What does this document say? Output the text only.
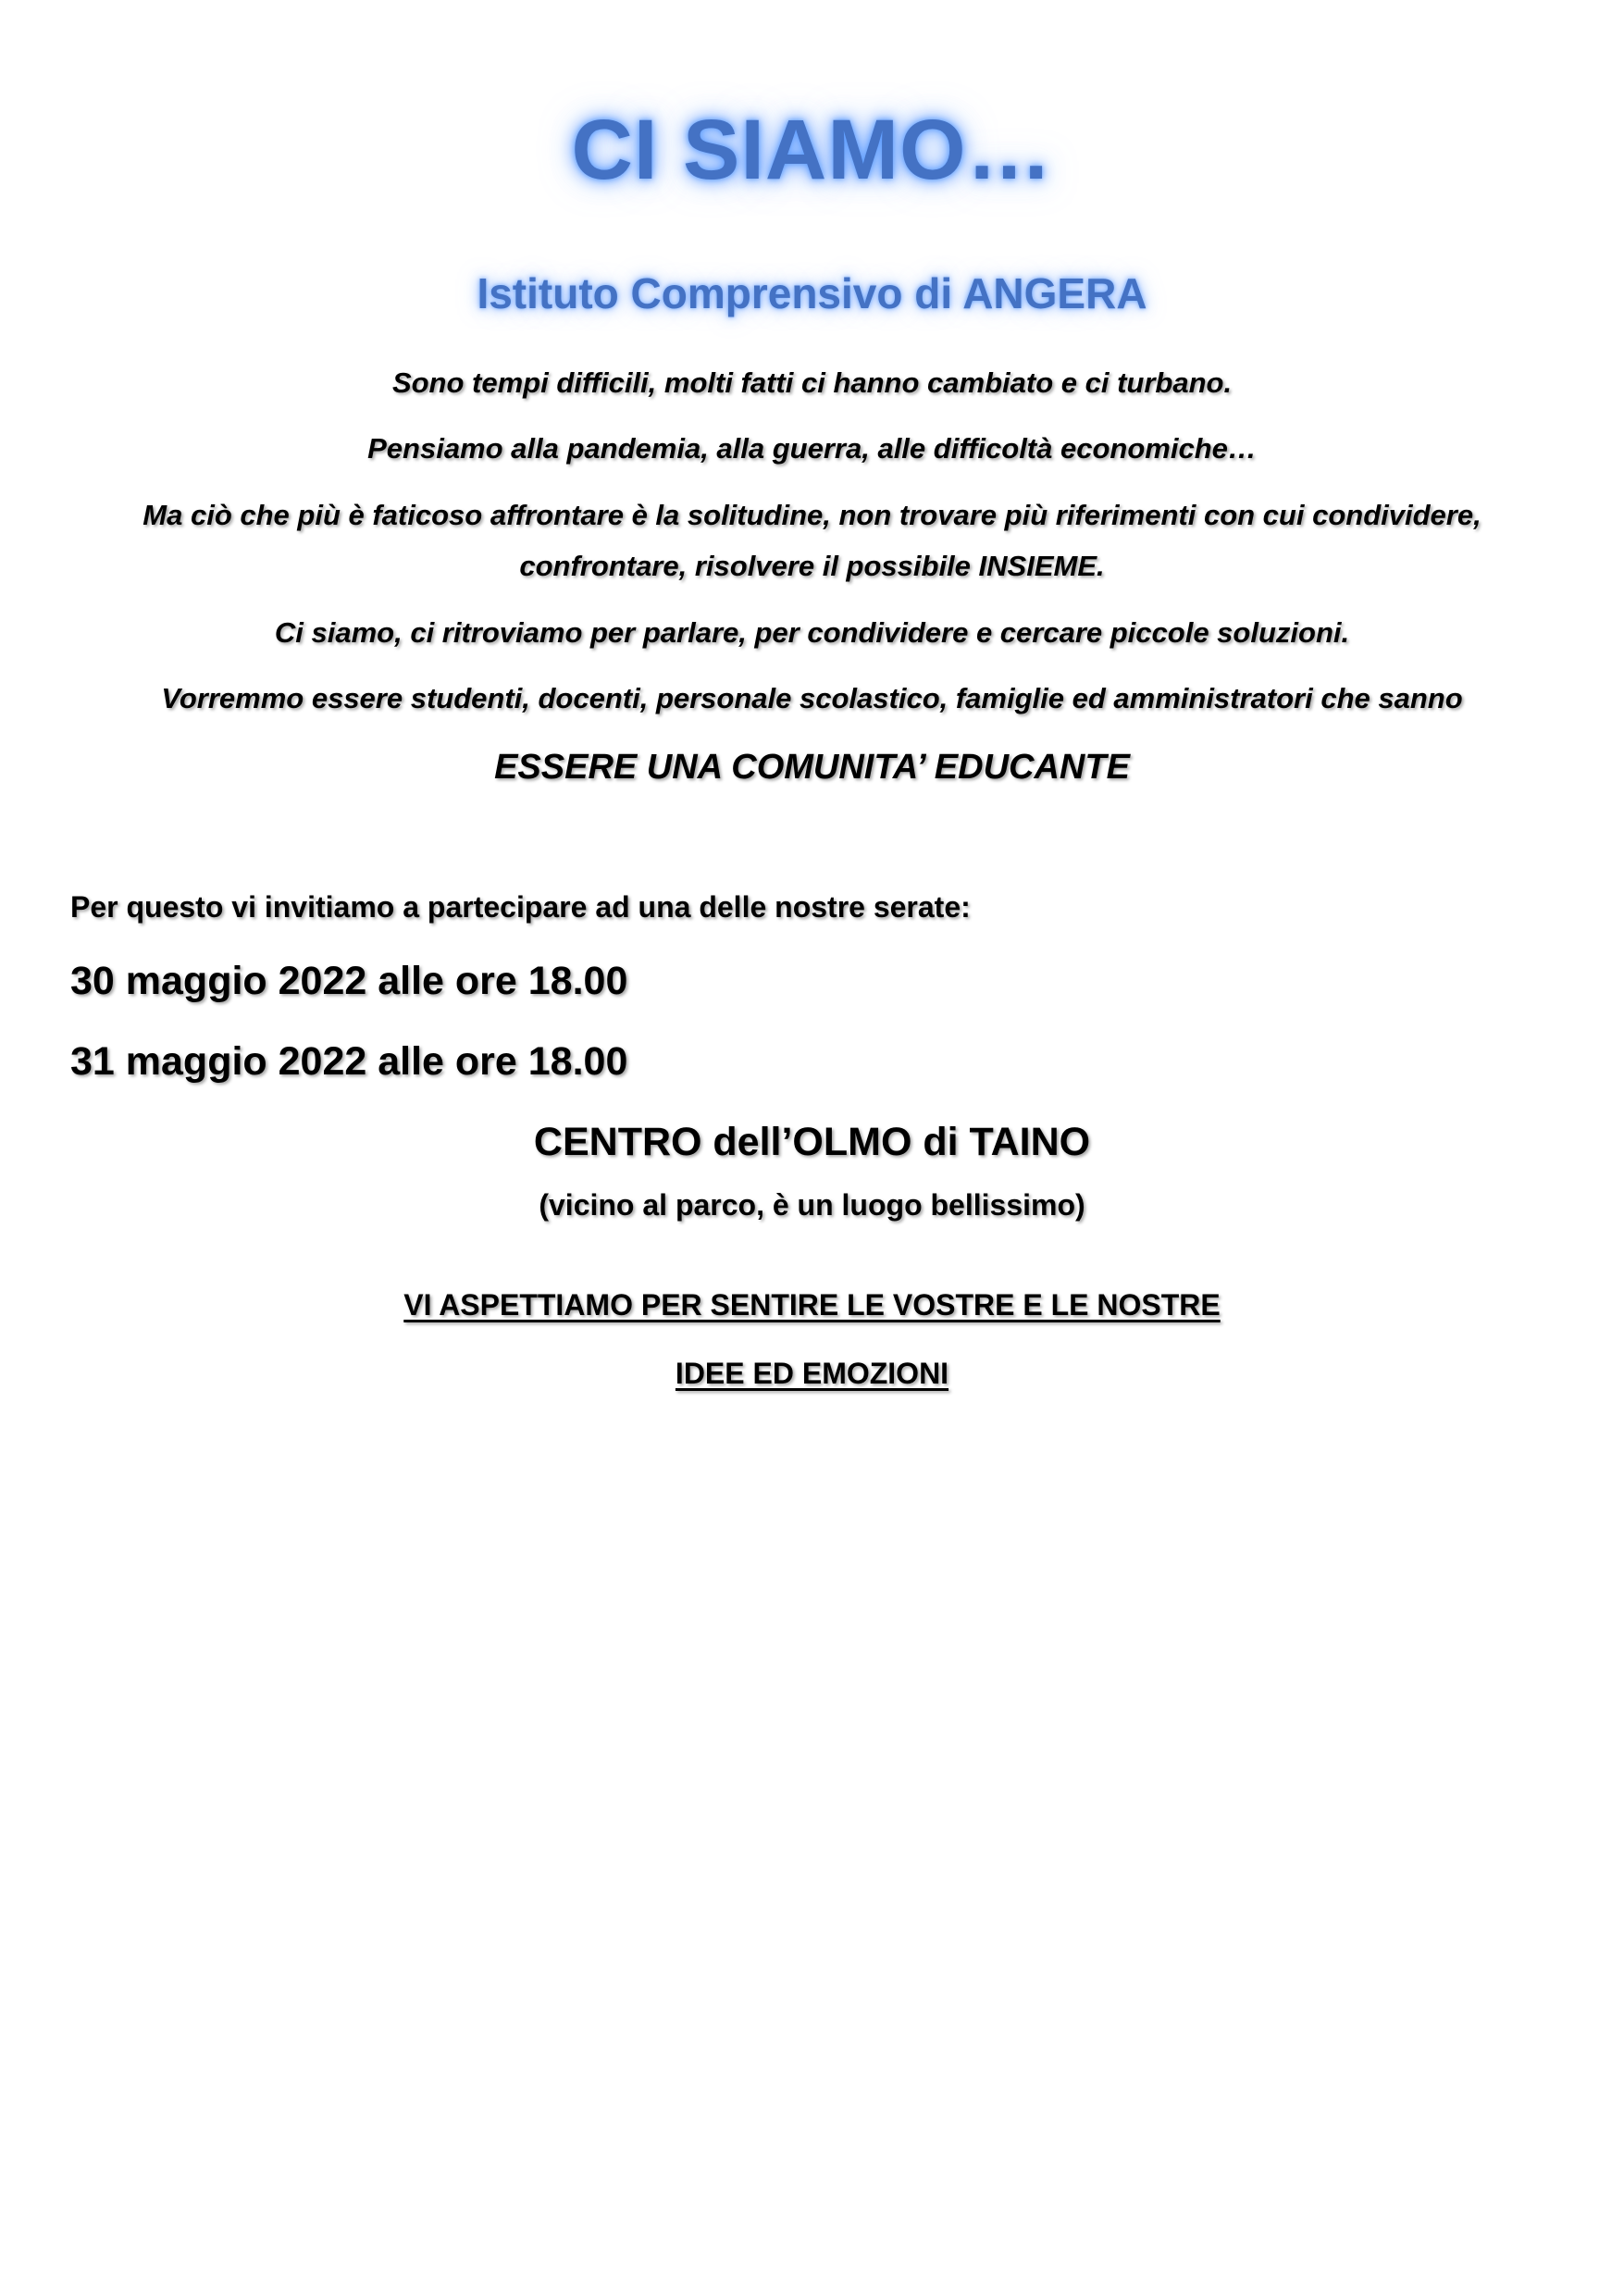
CI SIAMO…
Istituto Comprensivo di ANGERA
Sono tempi difficili, molti fatti ci hanno cambiato e ci turbano.
Pensiamo alla pandemia, alla guerra, alle difficoltà economiche…
Ma ciò che più è faticoso affrontare è la solitudine, non trovare più riferimenti con cui condividere,
confrontare, risolvere il possibile INSIEME.
Ci siamo, ci ritroviamo per parlare, per condividere e cercare piccole soluzioni.
Vorremmo essere studenti, docenti, personale scolastico, famiglie ed amministratori che sanno
ESSERE UNA COMUNITA’ EDUCANTE
Per questo vi invitiamo a partecipare ad una delle nostre serate:
30 maggio 2022 alle ore 18.00
31 maggio 2022 alle ore 18.00
CENTRO dell’OLMO di TAINO
(vicino al parco, è un luogo bellissimo)
VI ASPETTIAMO PER SENTIRE LE VOSTRE E LE NOSTRE
IDEE ED EMOZIONI
